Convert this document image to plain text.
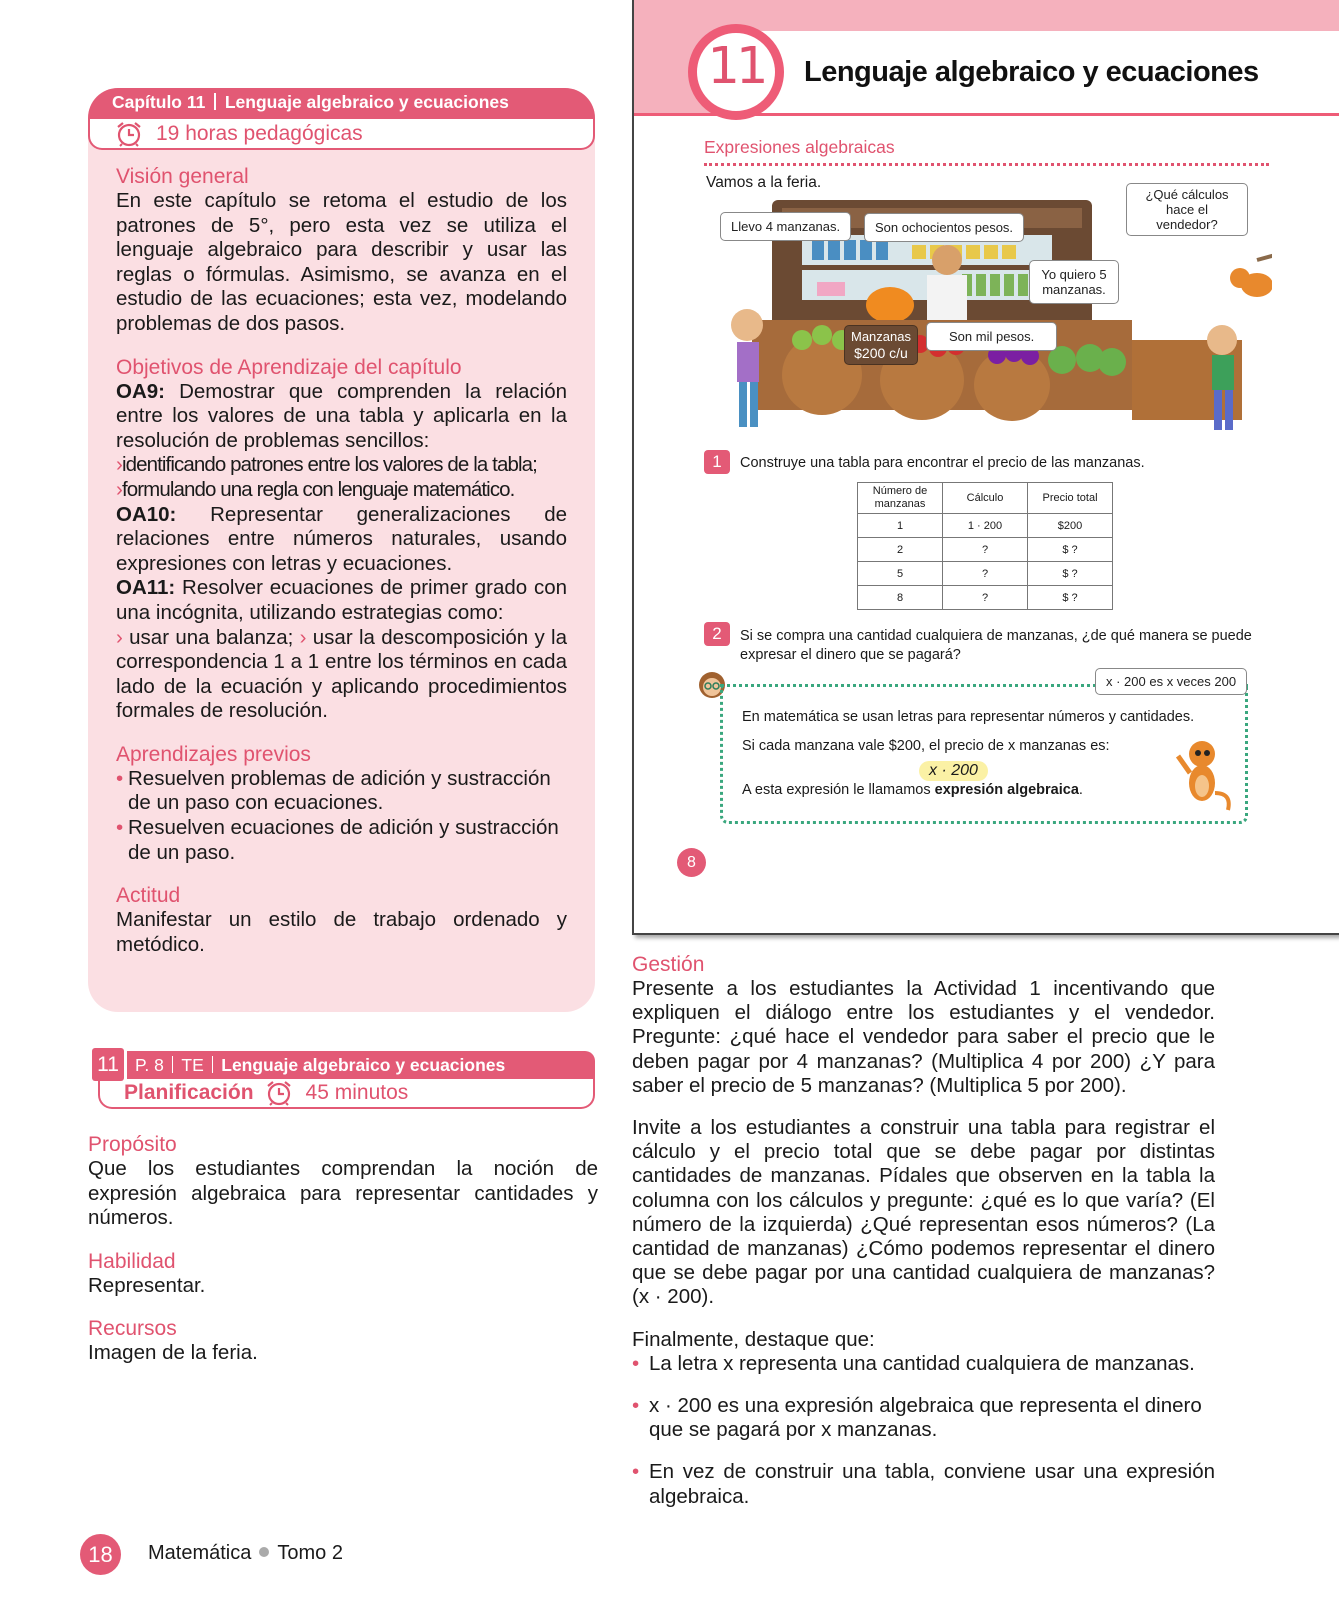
Capítulo 11 Lenguaje algebraico y ecuaciones
19 horas pedagógicas
Visión general
En este capítulo se retoma el estudio de los patrones de 5°, pero esta vez se utiliza el lenguaje algebraico para describir y usar las reglas o fórmulas. Asimismo, se avanza en el estudio de las ecuaciones; esta vez, modelando problemas de dos pasos.
Objetivos de Aprendizaje del capítulo
OA9: Demostrar que comprenden la relación entre los valores de una tabla y aplicarla en la resolución de problemas sencillos:
›identificando patrones entre los valores de la tabla;
›formulando una regla con lenguaje matemático.
OA10: Representar generalizaciones de relaciones entre números naturales, usando expresiones con letras y ecuaciones.
OA11: Resolver ecuaciones de primer grado con una incógnita, utilizando estrategias como:
› usar una balanza; › usar la descomposición y la correspondencia 1 a 1 entre los términos en cada lado de la ecuación y aplicando procedimientos formales de resolución.
Aprendizajes previos
• Resuelven problemas de adición y sustracción de un paso con ecuaciones.
• Resuelven ecuaciones de adición y sustracción de un paso.
Actitud
Manifestar un estilo de trabajo ordenado y metódico.
11 P. 8 TE Lenguaje algebraico y ecuaciones
Planificación 45 minutos
Propósito
Que los estudiantes comprendan la noción de expresión algebraica para representar cantidades y números.
Habilidad
Representar.
Recursos
Imagen de la feria.
18	Matemática Tomo 2
11	Lenguaje algebraico y ecuaciones
Expresiones algebraicas
Vamos a la feria.
Manzanas
$200 c/u
Llevo 4 manzanas.	Son ochocientos pesos.
¿Qué cálculos hace el vendedor?
Yo quiero 5 manzanas.
Son mil pesos.
1	Construye una tabla para encontrar el precio de las manzanas.
Número de manzanas	Cálculo	Precio total
1	1 · 200	$200
2	?	$ ?
5	?	$ ?
8	?	$ ?
2	Si se compra una cantidad cualquiera de manzanas, ¿de qué manera se puede expresar el dinero que se pagará?
x · 200 es x veces 200
En matemática se usan letras para representar números y cantidades.
Si cada manzana vale $200, el precio de x manzanas es:
x · 200
A esta expresión le llamamos expresión algebraica.
8
Gestión
Presente a los estudiantes la Actividad 1 incentivando que expliquen el diálogo entre los estudiantes y el vendedor. Pregunte: ¿qué hace el vendedor para saber el precio que le deben pagar por 4 manzanas? (Multiplica 4 por 200) ¿Y para saber el precio de 5 manzanas? (Multiplica 5 por 200).
Invite a los estudiantes a construir una tabla para registrar el cálculo y el precio total que se debe pagar por distintas cantidades de manzanas. Pídales que observen en la tabla la columna con los cálculos y pregunte: ¿qué es lo que varía? (El número de la izquierda) ¿Qué representan esos números? (La cantidad de manzanas) ¿Cómo podemos representar el dinero que se debe pagar por una cantidad cualquiera de manzanas? (x · 200).
Finalmente, destaque que:
• La letra x representa una cantidad cualquiera de manzanas.
• x · 200 es una expresión algebraica que representa el dinero que se pagará por x manzanas.
• En vez de construir una tabla, conviene usar una expresión algebraica.
